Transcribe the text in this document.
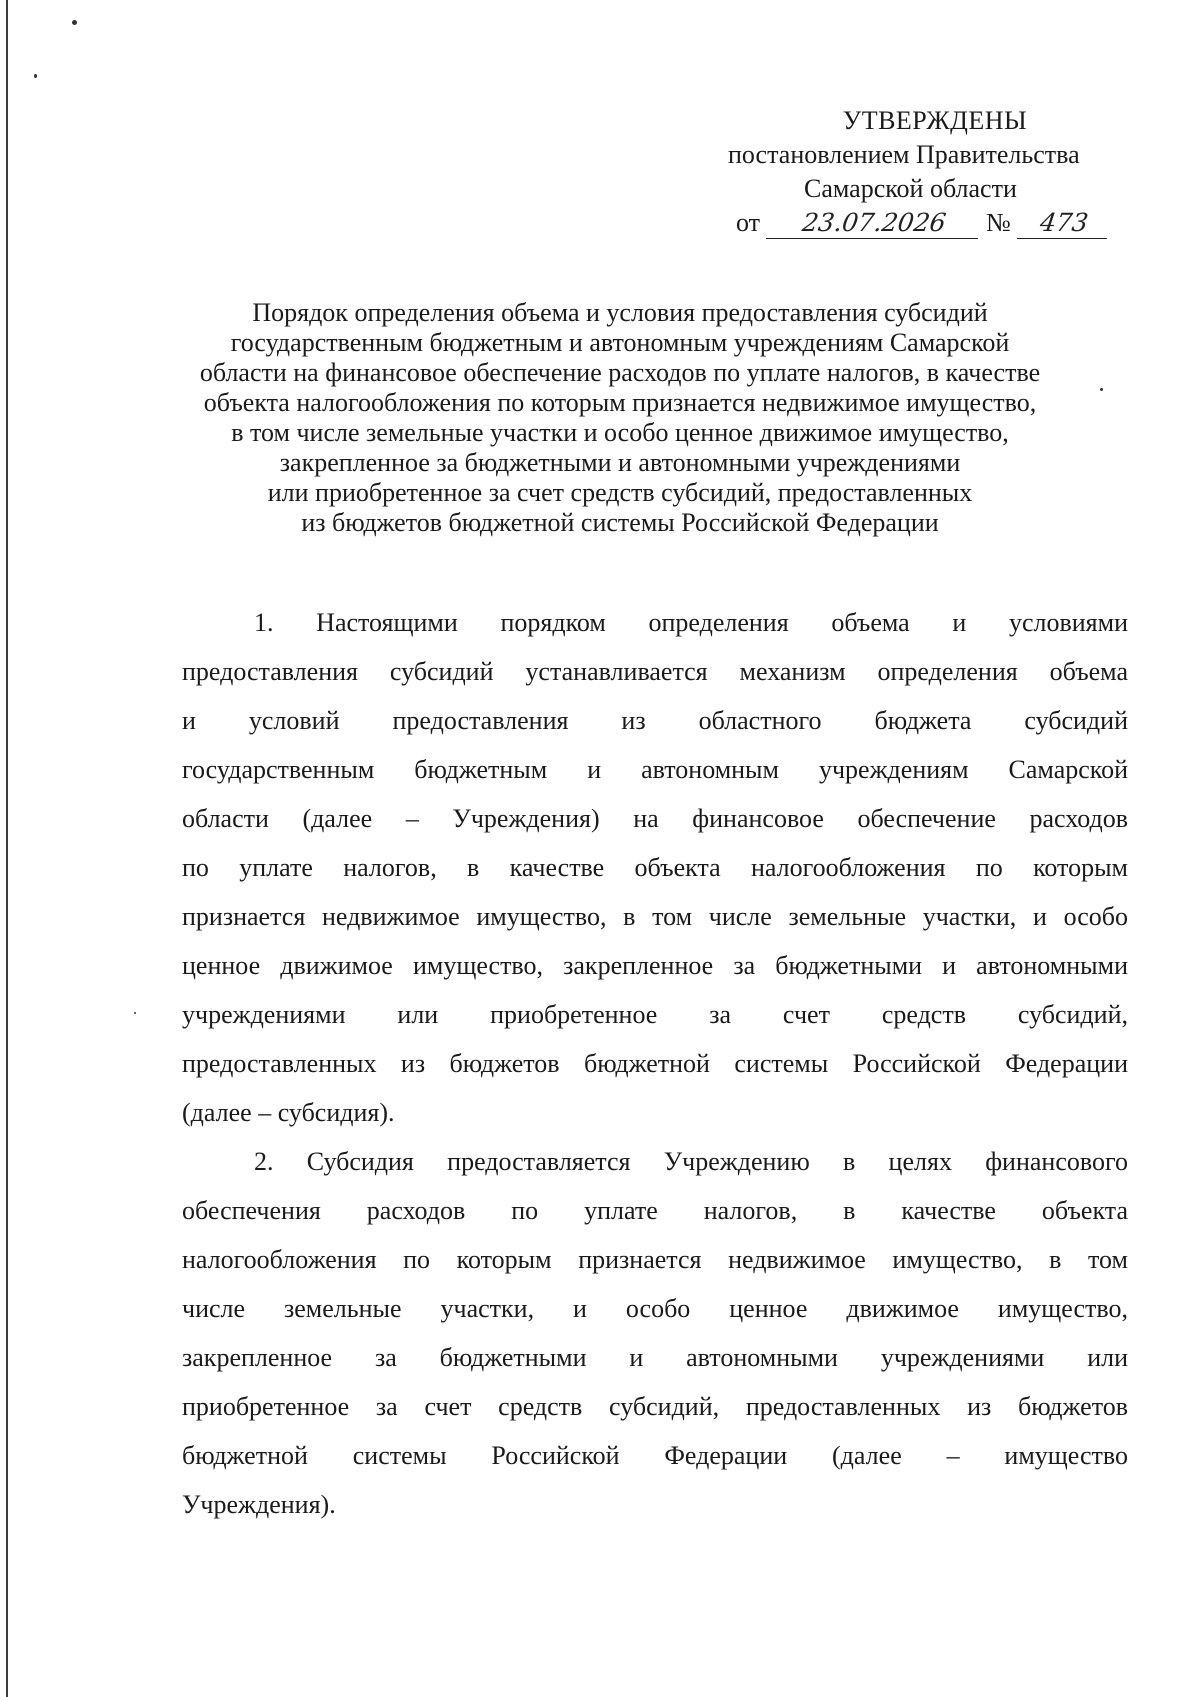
УТВЕРЖДЕНЫ
постановлением Правительства
Самарской области
от 23.07.2026 № 473
Порядок определения объема и условия предоставления субсидий
государственным бюджетным и автономным учреждениям Самарской
области на финансовое обеспечение расходов по уплате налогов, в качестве
объекта налогообложения по которым признается недвижимое имущество,
в том числе земельные участки и особо ценное движимое имущество,
закрепленное за бюджетными и автономными учреждениями
или приобретенное за счет средств субсидий, предоставленных
из бюджетов бюджетной системы Российской Федерации
1. Настоящими порядком определения объема и условиями
предоставления субсидий устанавливается механизм определения объема
и условий предоставления из областного бюджета субсидий
государственным бюджетным и автономным учреждениям Самарской
области (далее – Учреждения) на финансовое обеспечение расходов
по уплате налогов, в качестве объекта налогообложения по которым
признается недвижимое имущество, в том числе земельные участки, и особо
ценное движимое имущество, закрепленное за бюджетными и автономными
учреждениями или приобретенное за счет средств субсидий,
предоставленных из бюджетов бюджетной системы Российской Федерации
(далее – субсидия).
2. Субсидия предоставляется Учреждению в целях финансового
обеспечения расходов по уплате налогов, в качестве объекта
налогообложения по которым признается недвижимое имущество, в том
числе земельные участки, и особо ценное движимое имущество,
закрепленное за бюджетными и автономными учреждениями или
приобретенное за счет средств субсидий, предоставленных из бюджетов
бюджетной системы Российской Федерации (далее – имущество
Учреждения).
